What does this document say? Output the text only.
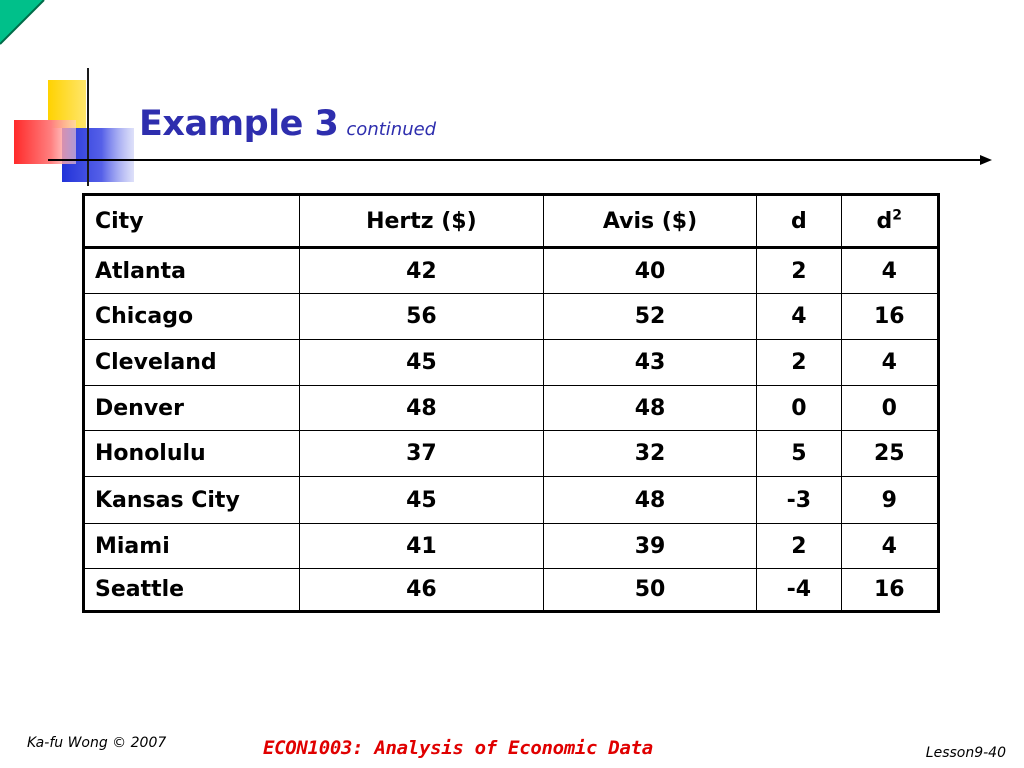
Example 3 continued
City	Hertz ($)	Avis ($)	d	$d^2$
Atlanta	42	40	2	4
Chicago	56	52	4	16
Cleveland	45	43	2	4
Denver	48	48	0	0
Honolulu	37	32	5	25
Kansas City	45	48	-3	9
Miami	41	39	2	4
Seattle	46	50	-4	16
Ka-fu Wong © 2007	ECON1003: Analysis of Economic Data	Lesson9-40
